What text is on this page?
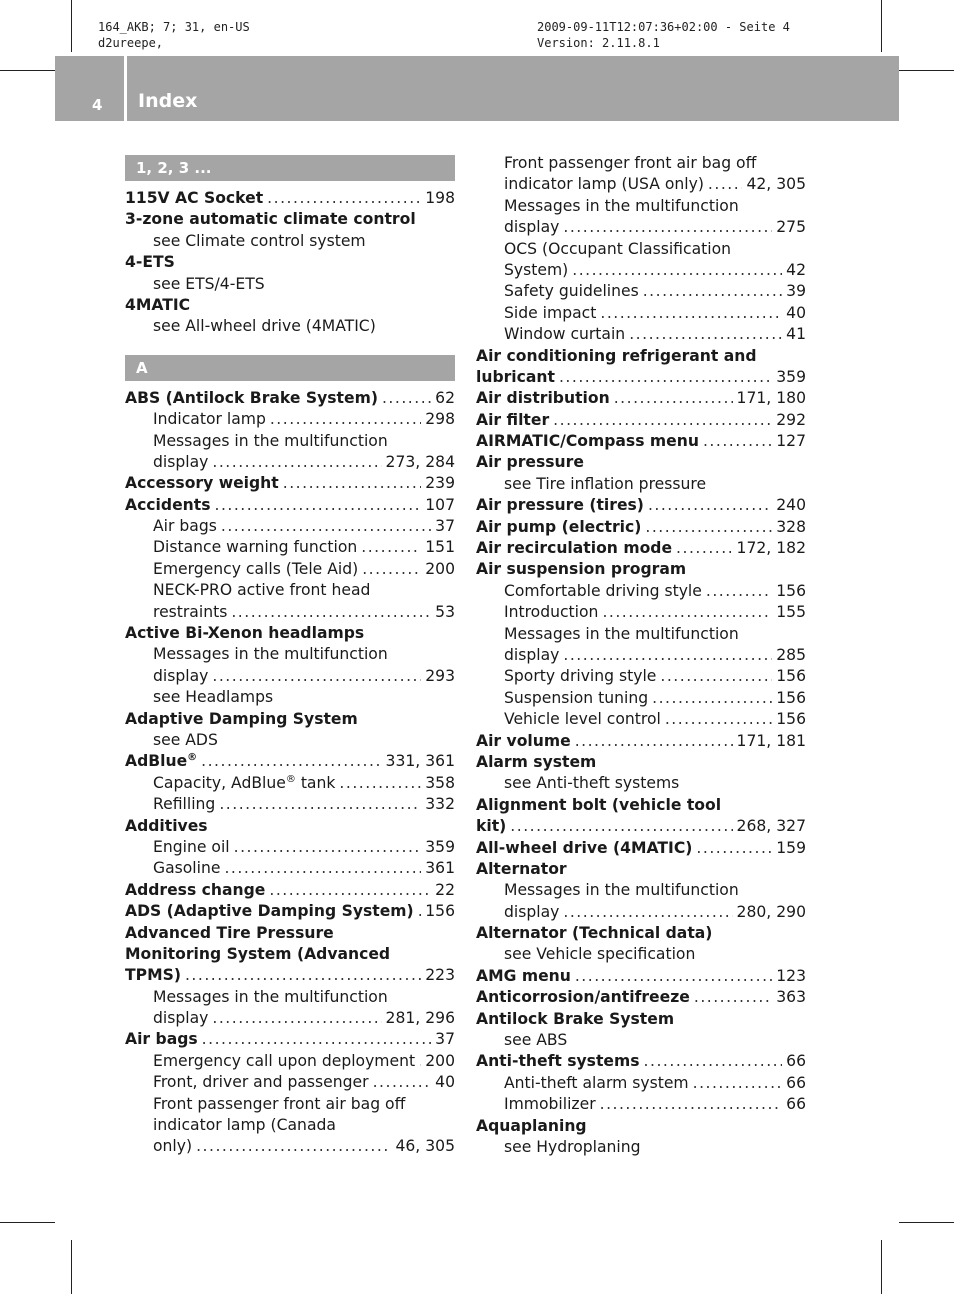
164_AKB; 7; 31, en-US
d2ureepe,
2009-09-11T12:07:36+02:00 - Seite 4
Version: 2.11.8.1
4 Index
1, 2, 3 ...
115V AC Socket .....	198
3-zone automatic climate control
see Climate control system
4-ETS
see ETS/4-ETS
4MATIC
see All-wheel drive (4MATIC)
A
ABS (Antilock Brake System) .....	62
Indicator lamp .....	298
Messages in the multifunction
display .....	273, 284
Accessory weight .....	239
Accidents .....	107
Air bags .....	37
Distance warning function .....	151
Emergency calls (Tele Aid) .....	200
NECK-PRO active front head
restraints .....	53
Active Bi-Xenon headlamps
Messages in the multifunction
display .....	293
see Headlamps
Adaptive Damping System
see ADS
AdBlue® .....	331, 361
Capacity, AdBlue® tank .....	358
Refilling .....	332
Additives
Engine oil .....	359
Gasoline .....	361
Address change .....	22
ADS (Adaptive Damping System) ..... 156
Advanced Tire Pressure
Monitoring System (Advanced
TPMS) .....	223
Messages in the multifunction
display .....	281, 296
Air bags .....	37
Emergency call upon deployment ..... 200
Front, driver and passenger .....	40
Front passenger front air bag off
indicator lamp (Canada
only) .....	46, 305
Front passenger front air bag off
indicator lamp (USA only) .....	42, 305
Messages in the multifunction
display .....	275
OCS (Occupant Classification
System) .....	42
Safety guidelines .....	39
Side impact .....	40
Window curtain .....	41
Air conditioning refrigerant and
lubricant .....	359
Air distribution .....	171, 180
Air filter .....	292
AIRMATIC/Compass menu .....	127
Air pressure
see Tire inflation pressure
Air pressure (tires) .....	240
Air pump (electric) .....	328
Air recirculation mode .....	172, 182
Air suspension program
Comfortable driving style .....	156
Introduction .....	155
Messages in the multifunction
display .....	285
Sporty driving style .....	156
Suspension tuning .....	156
Vehicle level control .....	156
Air volume .....	171, 181
Alarm system
see Anti-theft systems
Alignment bolt (vehicle tool
kit) .....	268, 327
All-wheel drive (4MATIC) .....	159
Alternator
Messages in the multifunction
display .....	280, 290
Alternator (Technical data)
see Vehicle specification
AMG menu .....	123
Anticorrosion/antifreeze .....	363
Antilock Brake System
see ABS
Anti-theft systems .....	66
Anti-theft alarm system .....	66
Immobilizer .....	66
Aquaplaning
see Hydroplaning
